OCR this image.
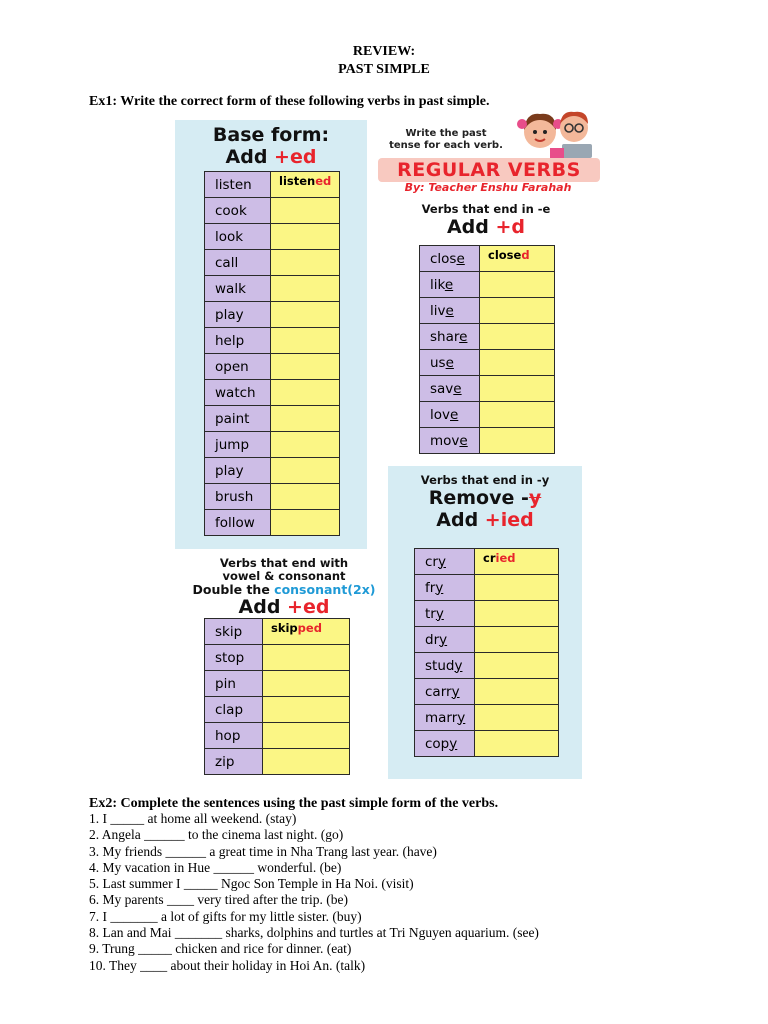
REVIEW:
PAST SIMPLE

Ex1: Write the correct form of these following verbs in past simple.

Base form:
Add +ed
listen	listened
cook	
look	
call	
walk	
play	
help	
open	
watch	
paint	
jump	
play	
brush	
follow	
Write the past
tense for each verb.
REGULAR VERBS
By: Teacher Enshu Farahah
Verbs that end in -e
Add +d
close	closed
like	
live	
share	
use	
save	
love	
move	
Verbs that end in -y
Remove -y
Add +ied
cry	cried
fry	
try	
dry	
study	
carry	
marry	
copy	
Verbs that end with
vowel & consonant
Double the consonant(2x)
Add +ed
skip	skipped
stop	
pin	
clap	
hop	
zip	

Ex2: Complete the sentences using the past simple form of the verbs.

1. I _____ at home all weekend. (stay)
2. Angela ______ to the cinema last night. (go)
3. My friends ______ a great time in Nha Trang last year. (have)
4. My vacation in Hue ______ wonderful. (be)
5. Last summer I _____ Ngoc Son Temple in Ha Noi. (visit)
6. My parents ____ very tired after the trip. (be)
7. I _______ a lot of gifts for my little sister. (buy)
8. Lan and Mai _______ sharks, dolphins and turtles at Tri Nguyen aquarium. (see)
9. Trung _____ chicken and rice for dinner. (eat)
10. They ____ about their holiday in Hoi An. (talk)
